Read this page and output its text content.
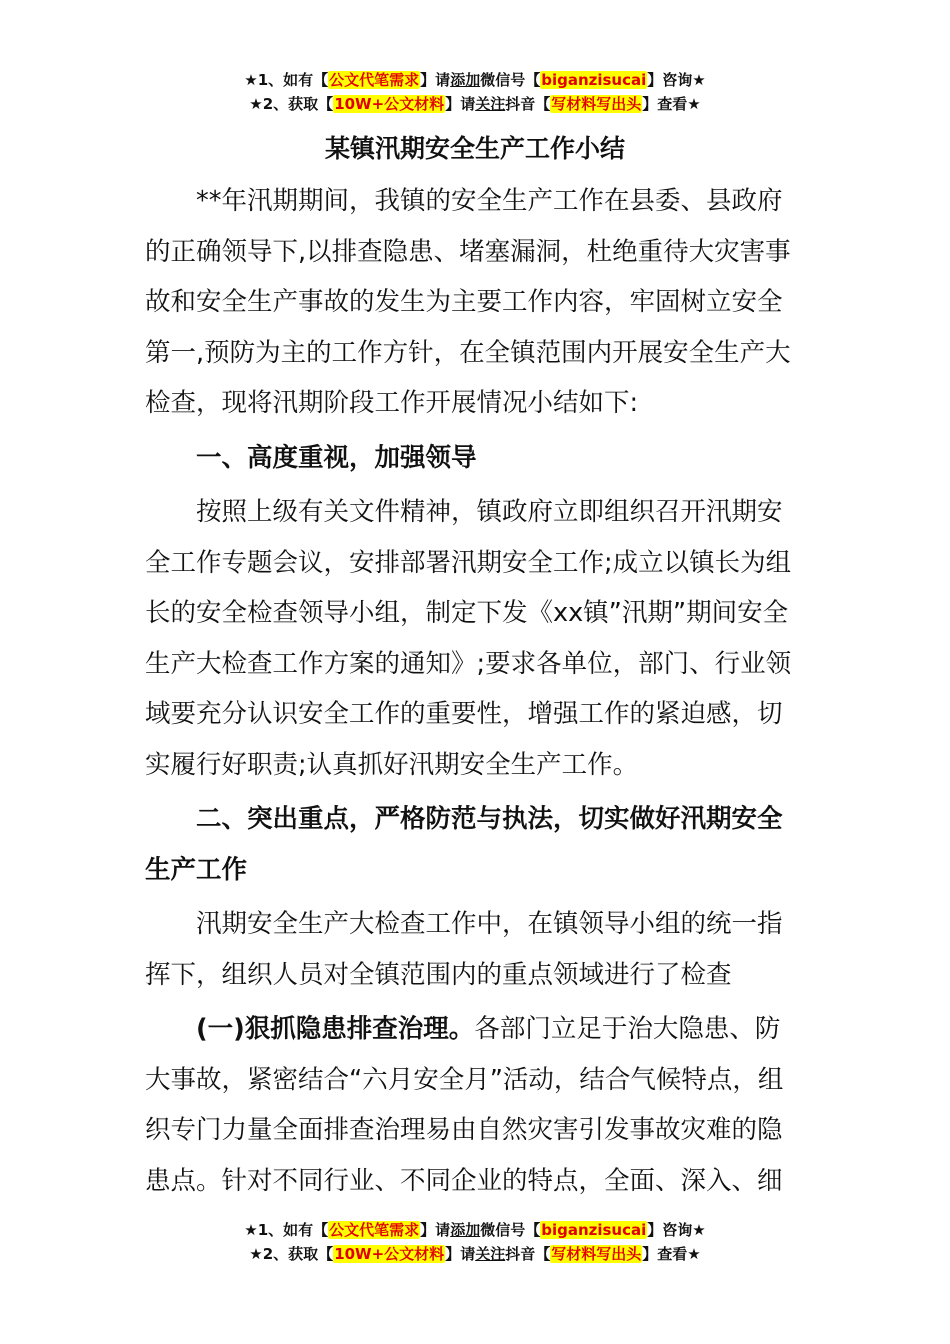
★1、如有【公文代笔需求】请添加微信号【biganzisucai】咨询★
★2、获取【10W+公文材料】请关注抖音【写材料写出头】查看★
某镇汛期安全生产工作小结

**年汛期期间，我镇的安全生产工作在县委、县政府的正确领导下,以排查隐患、堵塞漏洞，杜绝重待大灾害事故和安全生产事故的发生为主要工作内容，牢固树立安全第一,预防为主的工作方针，在全镇范围内开展安全生产大检查，现将汛期阶段工作开展情况小结如下:

一、高度重视，加强领导

按照上级有关文件精神，镇政府立即组织召开汛期安全工作专题会议，安排部署汛期安全工作;成立以镇长为组长的安全检查领导小组，制定下发《xx镇”汛期”期间安全生产大检查工作方案的通知》;要求各单位，部门、行业领域要充分认识安全工作的重要性，增强工作的紧迫感，切实履行好职责;认真抓好汛期安全生产工作。

二、突出重点，严格防范与执法，切实做好汛期安全生产工作

汛期安全生产大检查工作中，在镇领导小组的统一指挥下，组织人员对全镇范围内的重点领域进行了检查

(一)狠抓隐患排查治理。各部门立足于治大隐患、防大事故，紧密结合“六月安全月”活动，结合气候特点，组织专门力量全面排查治理易由自然灾害引发事故灾难的隐患点。针对不同行业、不同企业的特点，全面、深入、细

★1、如有【公文代笔需求】请添加微信号【biganzisucai】咨询★
★2、获取【10W+公文材料】请关注抖音【写材料写出头】查看★
